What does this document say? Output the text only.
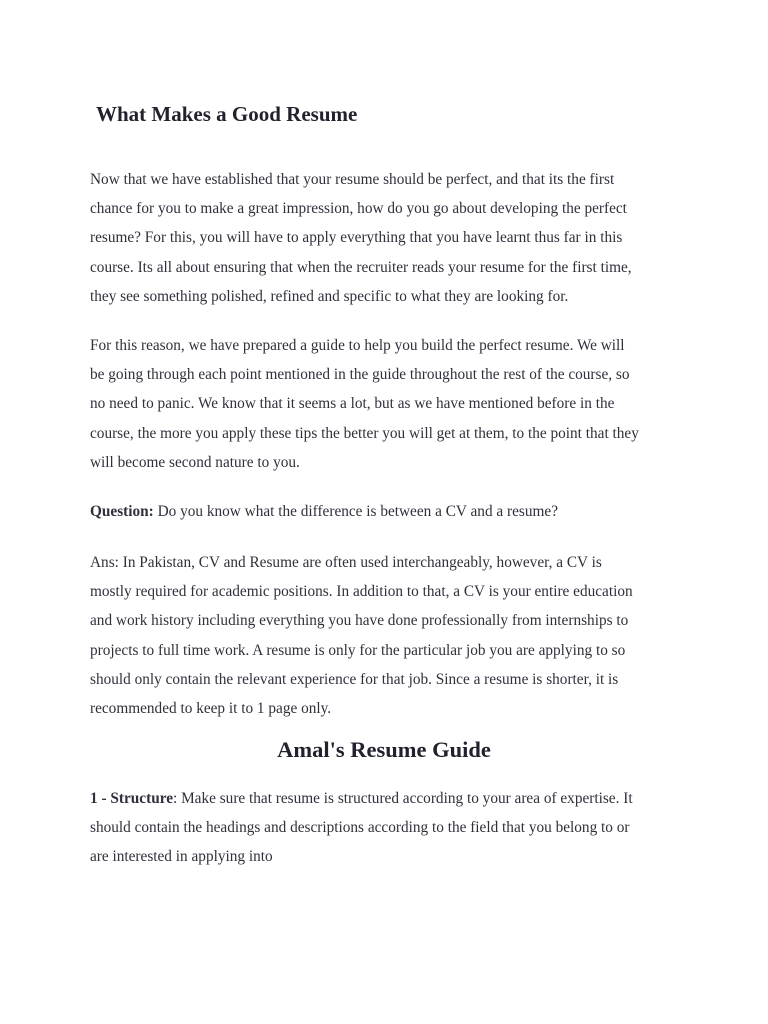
What Makes a Good Resume

Now that we have established that your resume should be perfect, and that its the first
chance for you to make a great impression, how do you go about developing the perfect
resume? For this, you will have to apply everything that you have learnt thus far in this
course. Its all about ensuring that when the recruiter reads your resume for the first time,
they see something polished, refined and specific to what they are looking for.

For this reason, we have prepared a guide to help you build the perfect resume. We will
be going through each point mentioned in the guide throughout the rest of the course, so
no need to panic. We know that it seems a lot, but as we have mentioned before in the
course, the more you apply these tips the better you will get at them, to the point that they
will become second nature to you.

Question: Do you know what the difference is between a CV and a resume?

Ans: In Pakistan, CV and Resume are often used interchangeably, however, a CV is
mostly required for academic positions. In addition to that, a CV is your entire education
and work history including everything you have done professionally from internships to
projects to full time work. A resume is only for the particular job you are applying to so
should only contain the relevant experience for that job. Since a resume is shorter, it is
recommended to keep it to 1 page only.

Amal's Resume Guide

1 - Structure: Make sure that resume is structured according to your area of expertise. It
should contain the headings and descriptions according to the field that you belong to or
are interested in applying into
